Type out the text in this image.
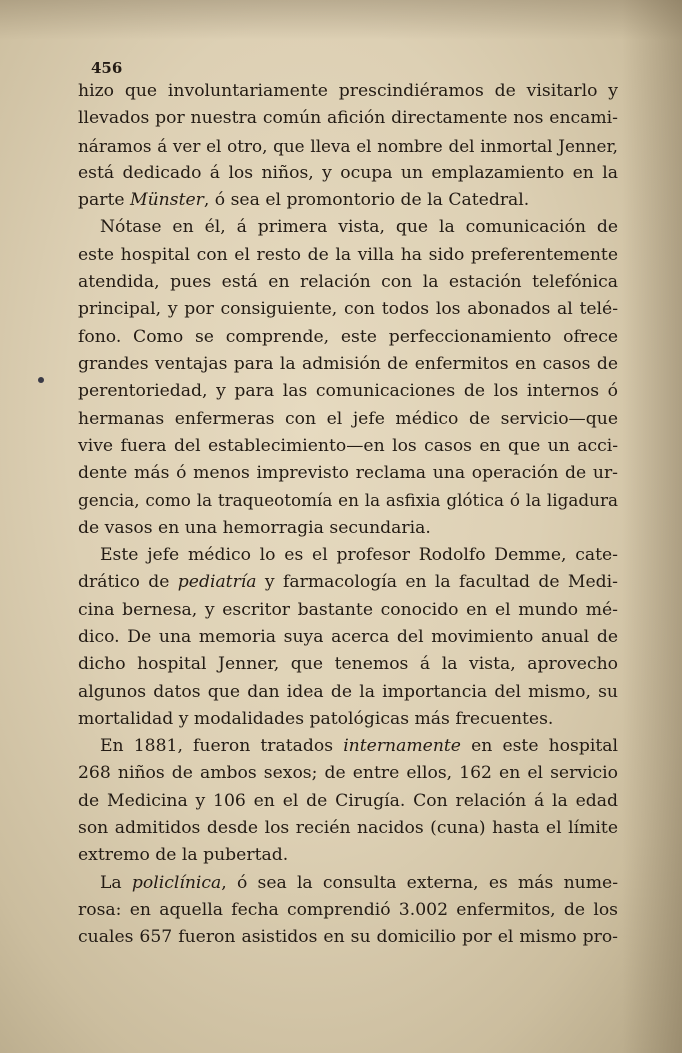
456
hizo que involuntariamente prescindiéramos de visitarlo y
llevados por nuestra común afición directamente nos encami-
náramos á ver el otro, que lleva el nombre del inmortal Jenner,
está dedicado á los niños, y ocupa un emplazamiento en la
parte Münster, ó sea el promontorio de la Catedral.
Nótase en él, á primera vista, que la comunicación de
este hospital con el resto de la villa ha sido preferentemente
atendida, pues está en relación con la estación telefónica
principal, y por consiguiente, con todos los abonados al telé-
fono. Como se comprende, este perfeccionamiento ofrece
grandes ventajas para la admisión de enfermitos en casos de
perentoriedad, y para las comunicaciones de los internos ó
hermanas enfermeras con el jefe médico de servicio—que
vive fuera del establecimiento—en los casos en que un acci-
dente más ó menos imprevisto reclama una operación de ur-
gencia, como la traqueotomía en la asfixia glótica ó la ligadura
de vasos en una hemorragia secundaria.
Este jefe médico lo es el profesor Rodolfo Demme, cate-
drático de pediatría y farmacología en la facultad de Medi-
cina bernesa, y escritor bastante conocido en el mundo mé-
dico. De una memoria suya acerca del movimiento anual de
dicho hospital Jenner, que tenemos á la vista, aprovecho
algunos datos que dan idea de la importancia del mismo, su
mortalidad y modalidades patológicas más frecuentes.
En 1881, fueron tratados internamente en este hospital
268 niños de ambos sexos; de entre ellos, 162 en el servicio
de Medicina y 106 en el de Cirugía. Con relación á la edad
son admitidos desde los recién nacidos (cuna) hasta el límite
extremo de la pubertad.
La policlínica, ó sea la consulta externa, es más nume-
rosa: en aquella fecha comprendió 3.002 enfermitos, de los
cuales 657 fueron asistidos en su domicilio por el mismo pro-
